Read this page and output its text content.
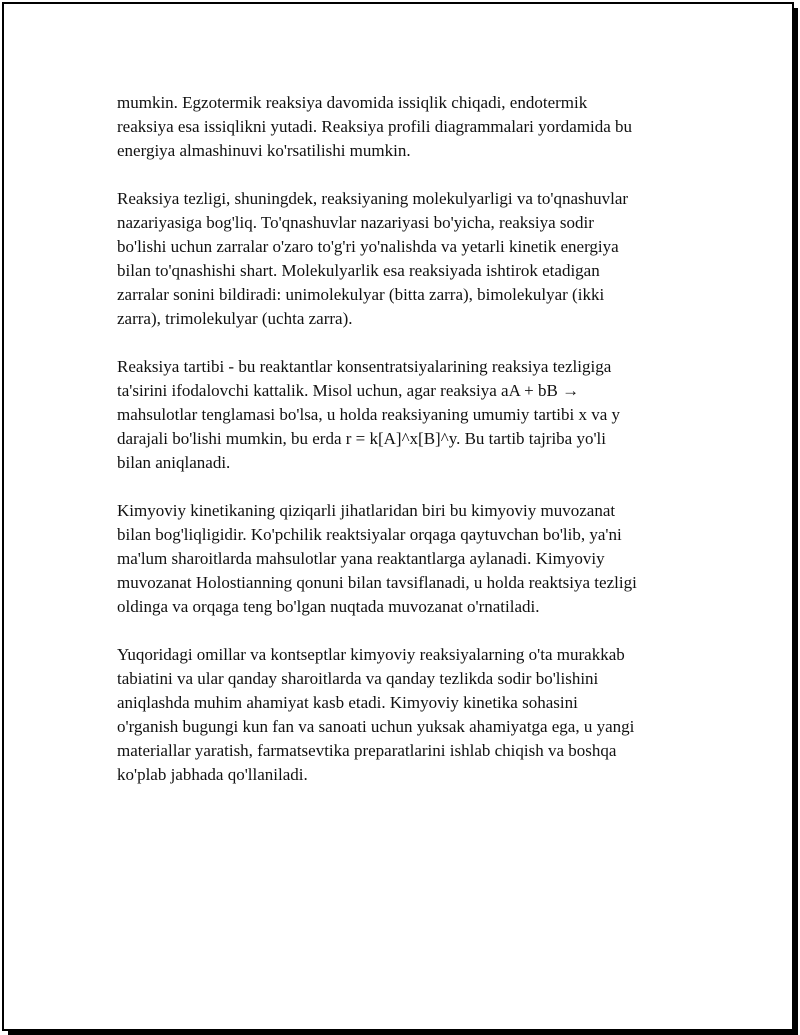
mumkin. Egzotermik reaksiya davomida issiqlik chiqadi, endotermik
reaksiya esa issiqlikni yutadi. Reaksiya profili diagrammalari yordamida bu
energiya almashinuvi ko'rsatilishi mumkin.

Reaksiya tezligi, shuningdek, reaksiyaning molekulyarligi va to'qnashuvlar
nazariyasiga bog'liq. To'qnashuvlar nazariyasi bo'yicha, reaksiya sodir
bo'lishi uchun zarralar o'zaro to'g'ri yo'nalishda va yetarli kinetik energiya
bilan to'qnashishi shart. Molekulyarlik esa reaksiyada ishtirok etadigan
zarralar sonini bildiradi: unimolekulyar (bitta zarra), bimolekulyar (ikki
zarra), trimolekulyar (uchta zarra).

Reaksiya tartibi - bu reaktantlar konsentratsiyalarining reaksiya tezligiga
ta'sirini ifodalovchi kattalik. Misol uchun, agar reaksiya aA + bB →
mahsulotlar tenglamasi bo'lsa, u holda reaksiyaning umumiy tartibi x va y
darajali bo'lishi mumkin, bu erda r = k[A]^x[B]^y. Bu tartib tajriba yo'li
bilan aniqlanadi.

Kimyoviy kinetikaning qiziqarli jihatlaridan biri bu kimyoviy muvozanat
bilan bog'liqligidir. Ko'pchilik reaktsiyalar orqaga qaytuvchan bo'lib, ya'ni
ma'lum sharoitlarda mahsulotlar yana reaktantlarga aylanadi. Kimyoviy
muvozanat Holostianning qonuni bilan tavsiflanadi, u holda reaktsiya tezligi
oldinga va orqaga teng bo'lgan nuqtada muvozanat o'rnatiladi.

Yuqoridagi omillar va kontseptlar kimyoviy reaksiyalarning o'ta murakkab
tabiatini va ular qanday sharoitlarda va qanday tezlikda sodir bo'lishini
aniqlashda muhim ahamiyat kasb etadi. Kimyoviy kinetika sohasini
o'rganish bugungi kun fan va sanoati uchun yuksak ahamiyatga ega, u yangi
materiallar yaratish, farmatsevtika preparatlarini ishlab chiqish va boshqa
ko'plab jabhada qo'llaniladi.
